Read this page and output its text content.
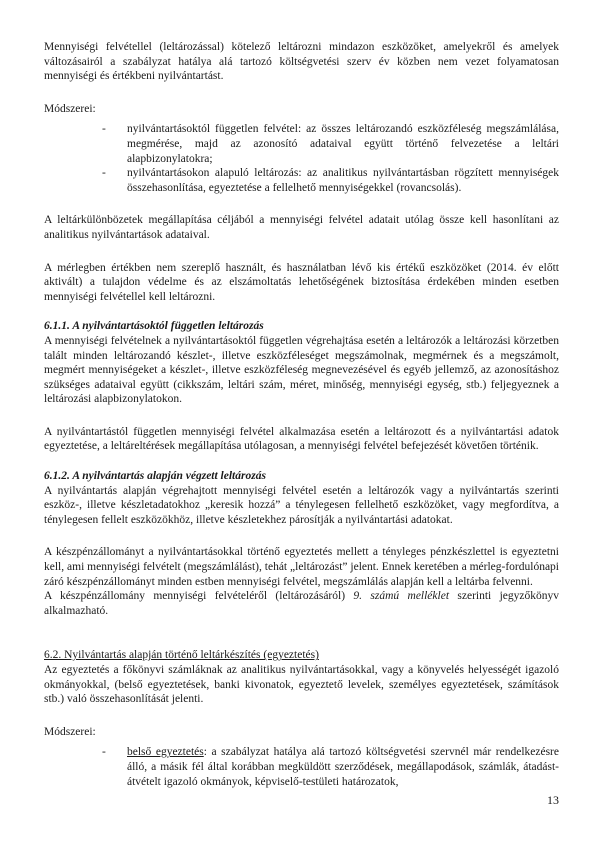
Mennyiségi felvétellel (leltározással) kötelező leltározni mindazon eszközöket, amelyekről és amelyek változásairól a szabályzat hatálya alá tartozó költségvetési szerv év közben nem vezet folyamatosan mennyiségi és értékbeni nyilvántartást.

Módszerei:

- nyilvántartásoktól független felvétel: az összes leltározandó eszközféleség megszámlálása, megmérése, majd az azonosító adataival együtt történő felvezetése a leltári alapbizonylatokra;
- nyilvántartásokon alapuló leltározás: az analitikus nyilvántartásban rögzített mennyiségek összehasonlítása, egyeztetése a fellelhető mennyiségekkel (rovancsolás).

A leltárkülönbözetek megállapítása céljából a mennyiségi felvétel adatait utólag össze kell hasonlítani az analitikus nyilvántartások adataival.

A mérlegben értékben nem szereplő használt, és használatban lévő kis értékű eszközöket (2014. év előtt aktivált) a tulajdon védelme és az elszámoltatás lehetőségének biztosítása érdekében minden esetben mennyiségi felvétellel kell leltározni.

6.1.1. A nyilvántartásoktól független leltározás

A mennyiségi felvételnek a nyilvántartásoktól független végrehajtása esetén a leltározók a leltározási körzetben talált minden leltározandó készlet-, illetve eszközféleséget megszámolnak, megmérnek és a megszámolt, megmért mennyiségeket a készlet-, illetve eszközféleség megnevezésével és egyéb jellemző, az azonosításhoz szükséges adataival együtt (cikkszám, leltári szám, méret, minőség, mennyiségi egység, stb.) feljegyeznek a leltározási alapbizonylatokon.

A nyilvántartástól független mennyiségi felvétel alkalmazása esetén a leltározott és a nyilvántartási adatok egyeztetése, a leltáreltérések megállapítása utólagosan, a mennyiségi felvétel befejezését követően történik.

6.1.2. A nyilvántartás alapján végzett leltározás

A nyilvántartás alapján végrehajtott mennyiségi felvétel esetén a leltározók vagy a nyilvántartás szerinti eszköz-, illetve készletadatokhoz „keresik hozzá” a ténylegesen fellelhető eszközöket, vagy megfordítva, a ténylegesen fellelt eszközökhöz, illetve készletekhez párosítják a nyilvántartási adatokat.

A készpénzállományt a nyilvántartásokkal történő egyeztetés mellett a tényleges pénzkészlettel is egyeztetni kell, ami mennyiségi felvételt (megszámlálást), tehát „leltározást” jelent. Ennek keretében a mérleg-fordulónapi záró készpénzállományt minden estben mennyiségi felvétel, megszámlálás alapján kell a leltárba felvenni.

A készpénzállomány mennyiségi felvételéről (leltározásáról) 9. számú melléklet szerinti jegyzőkönyv alkalmazható.

6.2. Nyilvántartás alapján történő leltárkészítés (egyeztetés)

Az egyeztetés a főkönyvi számláknak az analitikus nyilvántartásokkal, vagy a könyvelés helyességét igazoló okmányokkal, (belső egyeztetések, banki kivonatok, egyeztető levelek, személyes egyeztetések, számítások stb.) való összehasonlítását jelenti.

Módszerei:

- belső egyeztetés: a szabályzat hatálya alá tartozó költségvetési szervnél már rendelkezésre álló, a másik fél által korábban megküldött szerződések, megállapodások, számlák, átadást-átvételt igazoló okmányok, képviselő-testületi határozatok,
13
